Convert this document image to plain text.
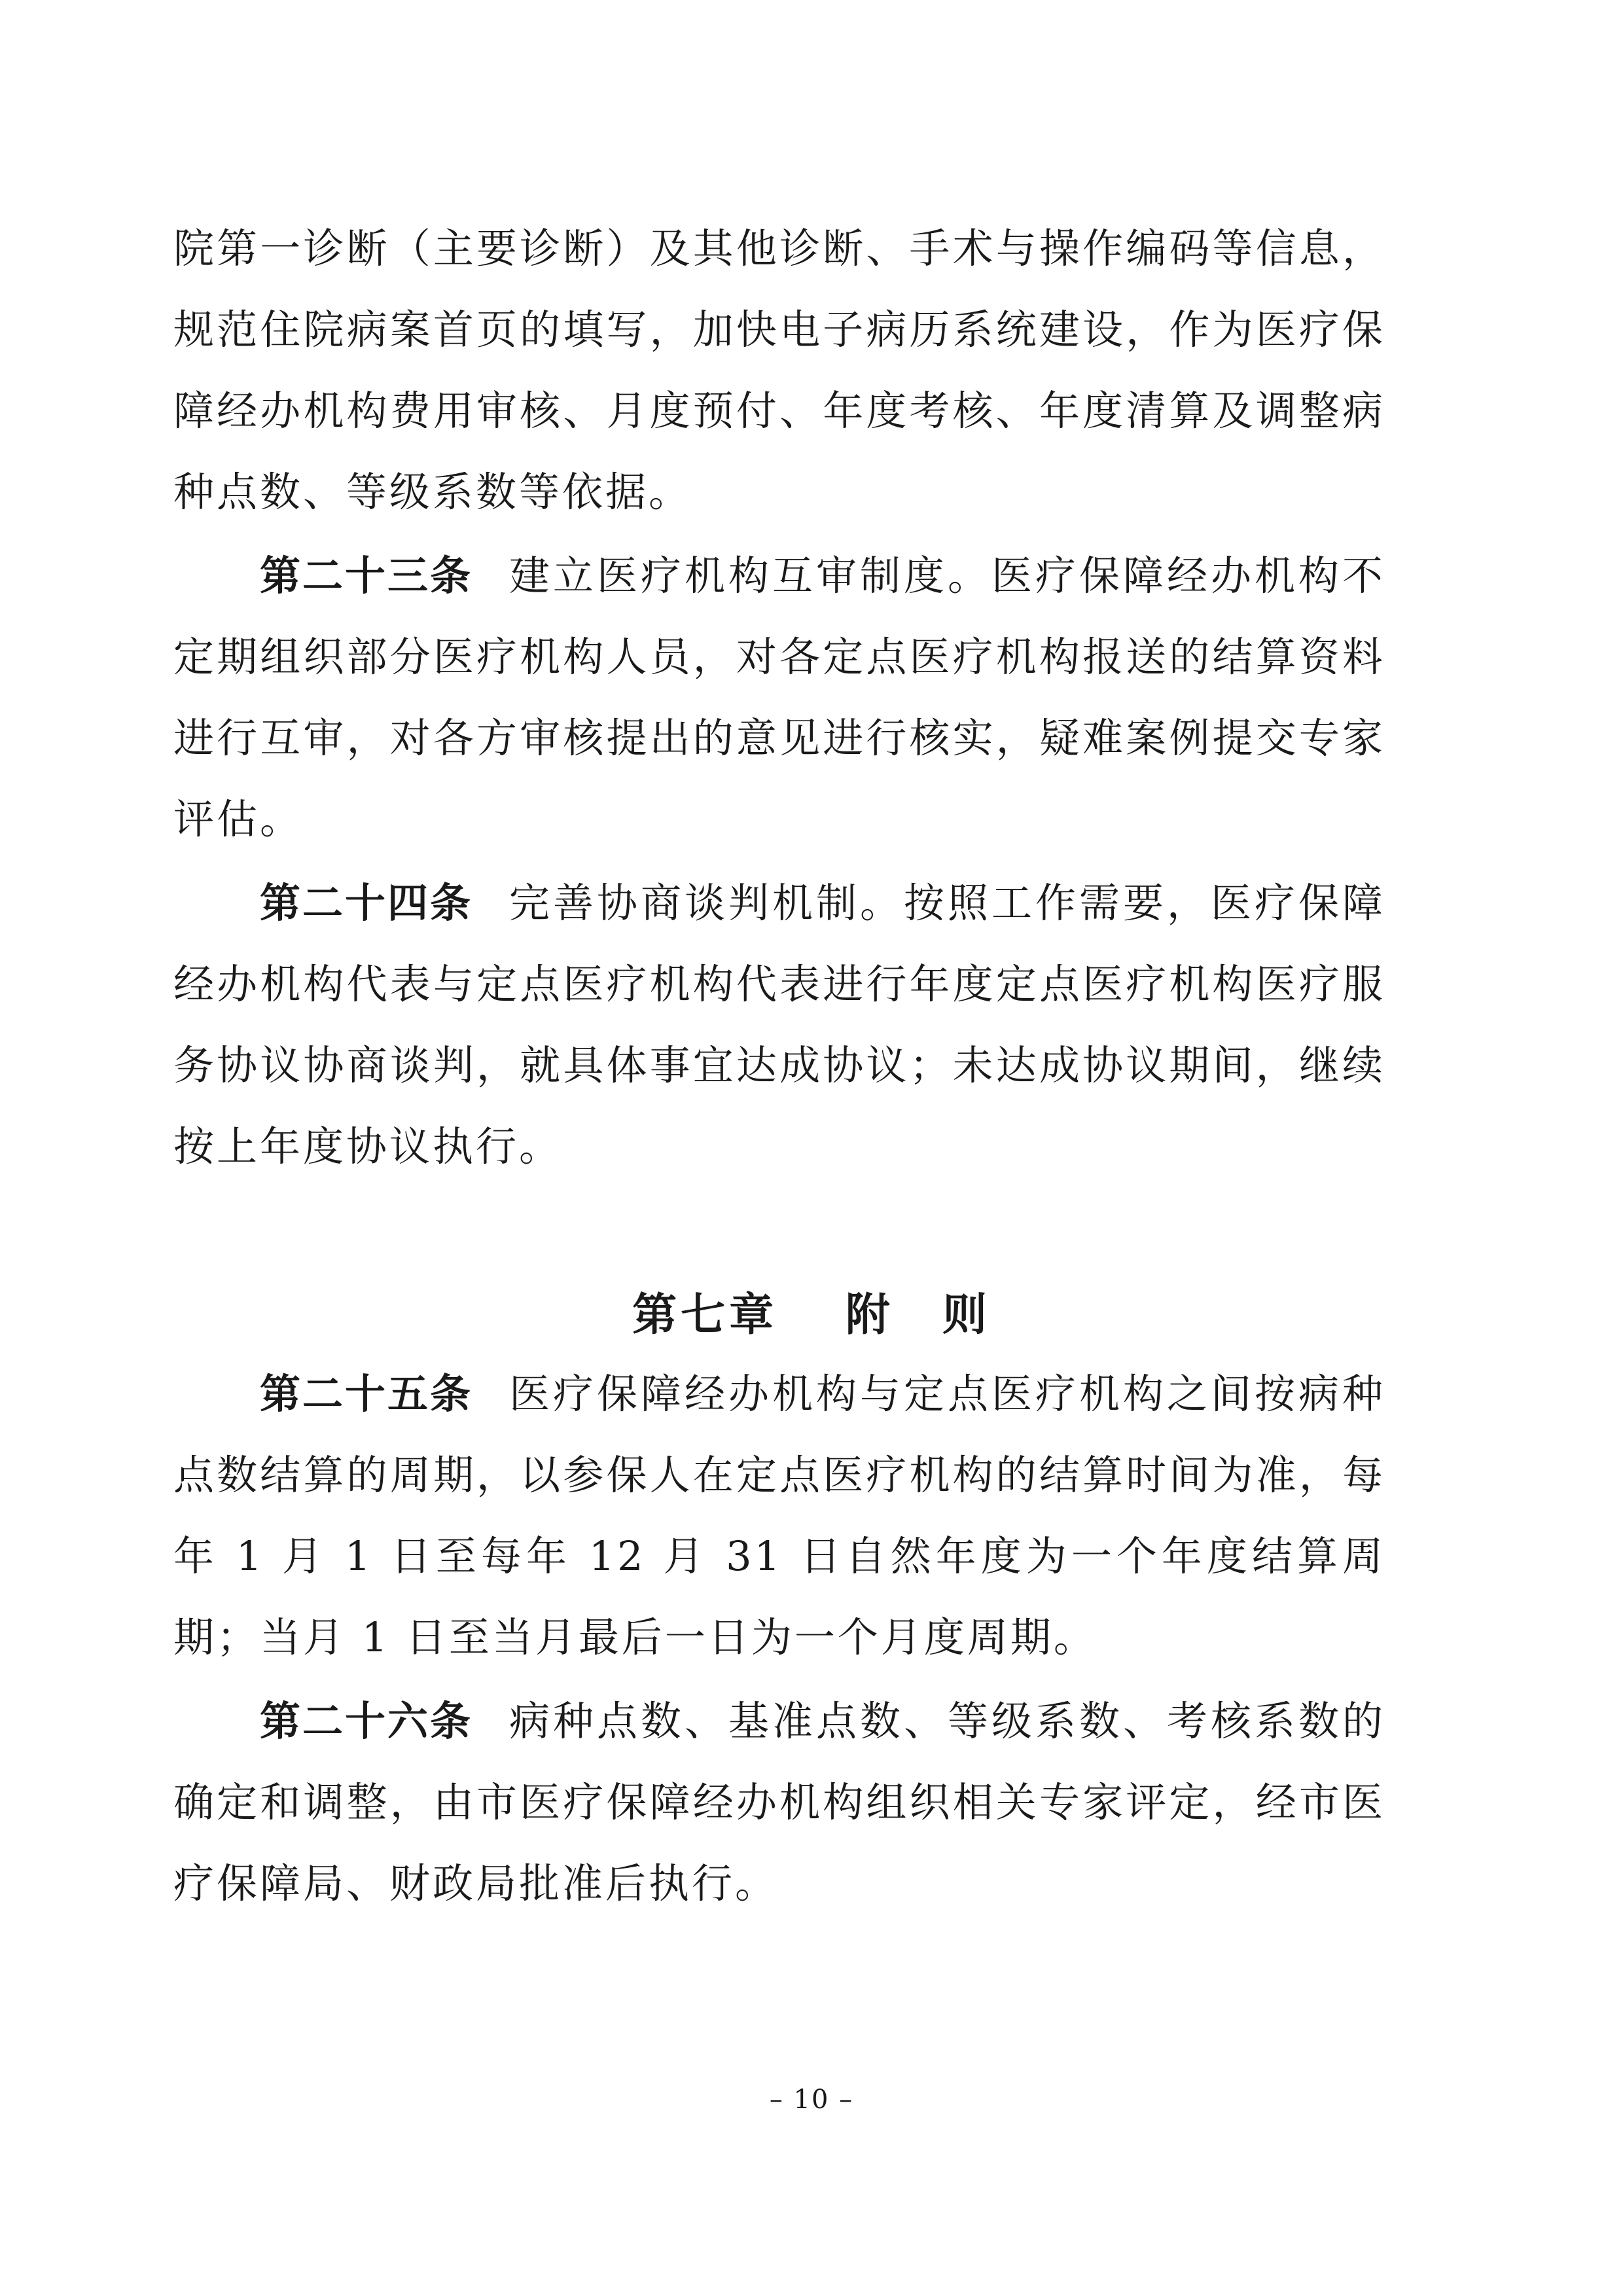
院第一诊断（主要诊断）及其他诊断、手术与操作编码等信息，规范住院病案首页的填写，加快电子病历系统建设，作为医疗保障经办机构费用审核、月度预付、年度考核、年度清算及调整病种点数、等级系数等依据。

第二十三条 建立医疗机构互审制度。医疗保障经办机构不定期组织部分医疗机构人员，对各定点医疗机构报送的结算资料进行互审，对各方审核提出的意见进行核实，疑难案例提交专家评估。

第二十四条 完善协商谈判机制。按照工作需要，医疗保障经办机构代表与定点医疗机构代表进行年度定点医疗机构医疗服务协议协商谈判，就具体事宜达成协议；未达成协议期间，继续按上年度协议执行。

第七章　 附　则

第二十五条 医疗保障经办机构与定点医疗机构之间按病种点数结算的周期，以参保人在定点医疗机构的结算时间为准，每年 1 月 1 日至每年 12 月 31 日自然年度为一个年度结算周期；当月 1 日至当月最后一日为一个月度周期。

第二十六条 病种点数、基准点数、等级系数、考核系数的确定和调整，由市医疗保障经办机构组织相关专家评定，经市医疗保障局、财政局批准后执行。

– 10 –
